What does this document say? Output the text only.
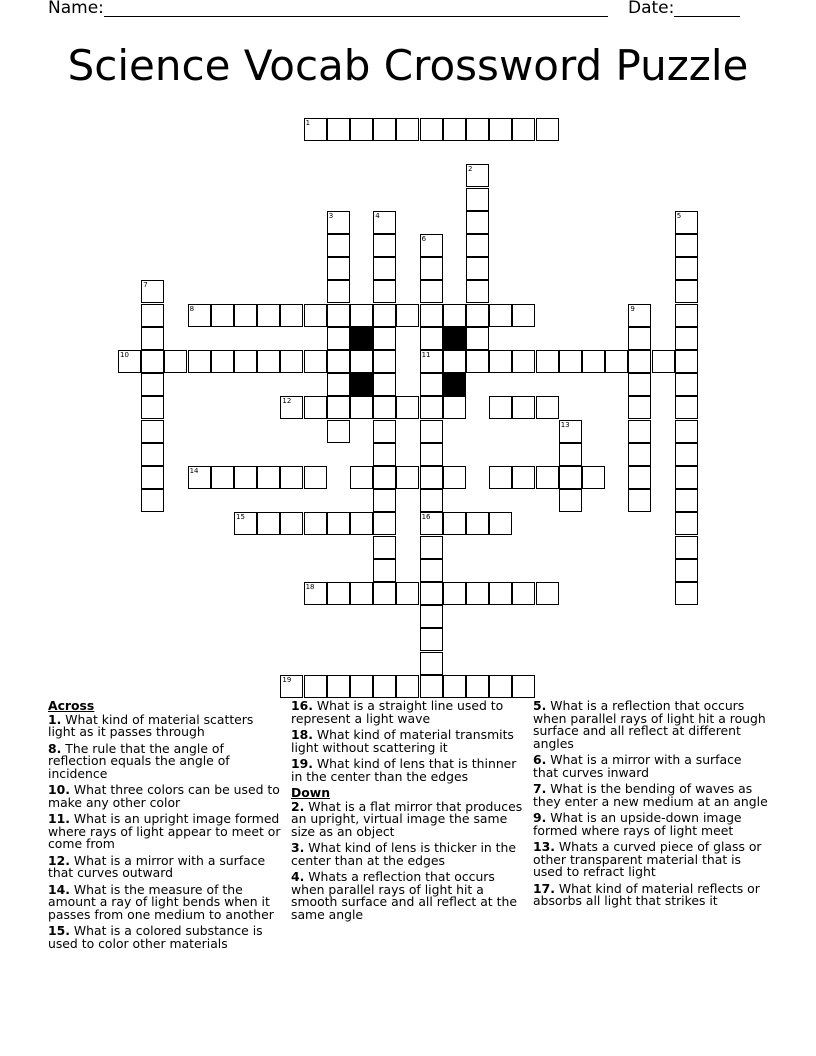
Name:	Date:
Science Vocab Crossword Puzzle
1
2
3	4	5
6
11
16
7
8	9
10
12
13
14
15
18
19
Across
1. What kind of material scatters light as it passes through
8. The rule that the angle of reflection equals the angle of incidence
10. What three colors can be used to make any other color
11. What is an upright image formed where rays of light appear to meet or come from
12. What is a mirror with a surface that curves outward
14. What is the measure of the amount a ray of light bends when it passes from one medium to another
15. What is a colored substance is used to color other materials
16. What is a straight line used to represent a light wave
18. What kind of material transmits light without scattering it
19. What kind of lens that is thinner in the center than the edges
Down
2. What is a flat mirror that produces an upright, virtual image the same size as an object
3. What kind of lens is thicker in the center than at the edges
4. Whats a reflection that occurs when parallel rays of light hit a smooth surface and all reflect at the same angle
5. What is a reflection that occurs when parallel rays of light hit a rough surface and all reflect at different angles
6. What is a mirror with a surface that curves inward
7. What is the bending of waves as they enter a new medium at an angle
9. What is an upside-down image formed where rays of light meet
13. Whats a curved piece of glass or other transparent material that is used to refract light
17. What kind of material reflects or absorbs all light that strikes it
